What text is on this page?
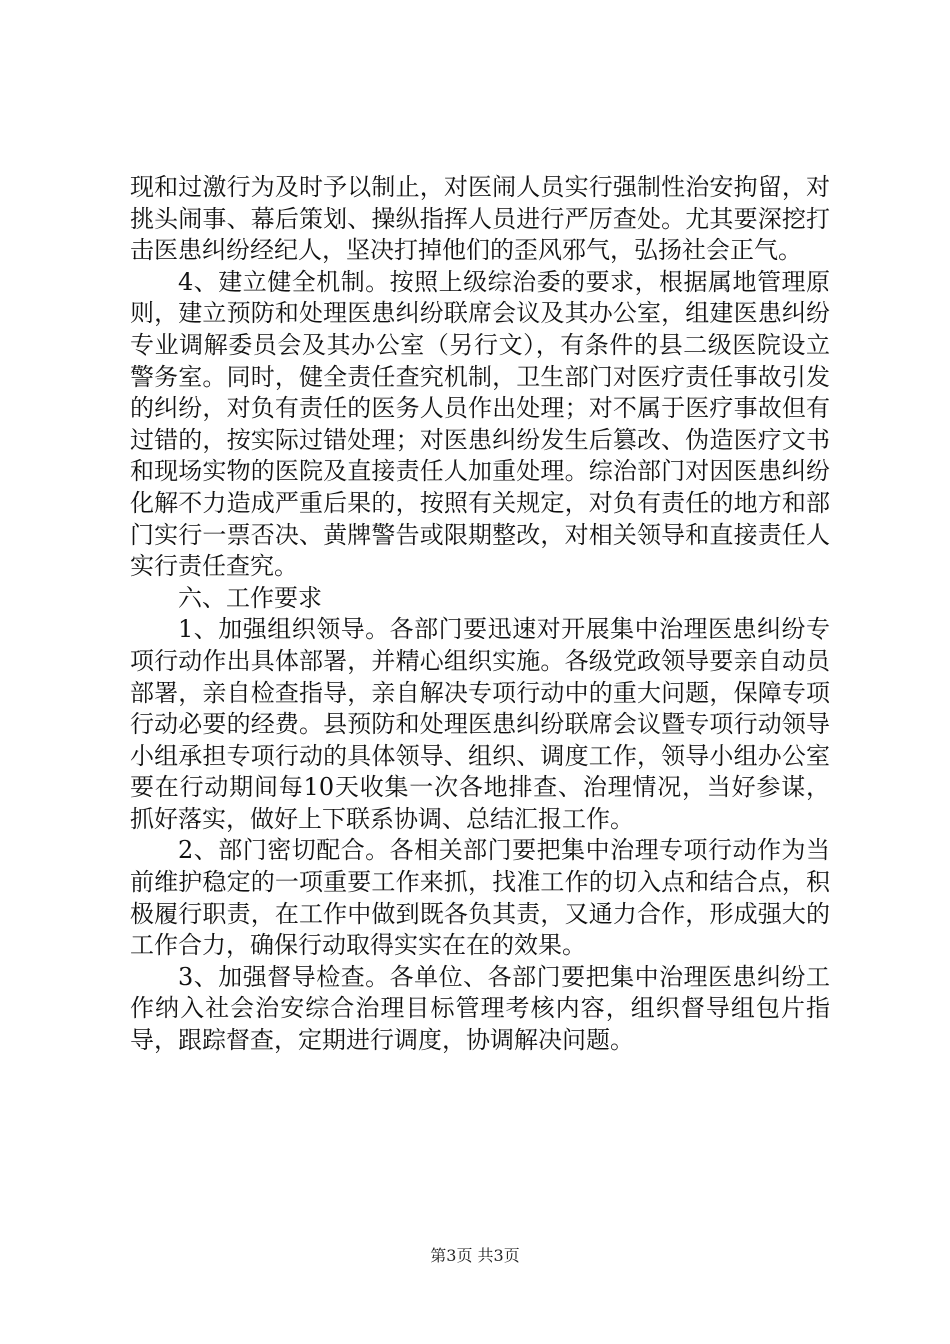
现和过激行为及时予以制止，对医闹人员实行强制性治安拘留，对挑头闹事、幕后策划、操纵指挥人员进行严厉查处。尤其要深挖打击医患纠纷经纪人，坚决打掉他们的歪风邪气，弘扬社会正气。

4、建立健全机制。按照上级综治委的要求，根据属地管理原则，建立预防和处理医患纠纷联席会议及其办公室，组建医患纠纷专业调解委员会及其办公室（另行文），有条件的县二级医院设立警务室。同时，健全责任查究机制，卫生部门对医疗责任事故引发的纠纷，对负有责任的医务人员作出处理；对不属于医疗事故但有过错的，按实际过错处理；对医患纠纷发生后篡改、伪造医疗文书和现场实物的医院及直接责任人加重处理。综治部门对因医患纠纷化解不力造成严重后果的，按照有关规定，对负有责任的地方和部门实行一票否决、黄牌警告或限期整改，对相关领导和直接责任人实行责任查究。

六、工作要求

1、加强组织领导。各部门要迅速对开展集中治理医患纠纷专项行动作出具体部署，并精心组织实施。各级党政领导要亲自动员部署，亲自检查指导，亲自解决专项行动中的重大问题，保障专项行动必要的经费。县预防和处理医患纠纷联席会议暨专项行动领导小组承担专项行动的具体领导、组织、调度工作，领导小组办公室要在行动期间每10天收集一次各地排查、治理情况，当好参谋，抓好落实，做好上下联系协调、总结汇报工作。

2、部门密切配合。各相关部门要把集中治理专项行动作为当前维护稳定的一项重要工作来抓，找准工作的切入点和结合点，积极履行职责，在工作中做到既各负其责，又通力合作，形成强大的工作合力，确保行动取得实实在在的效果。

3、加强督导检查。各单位、各部门要把集中治理医患纠纷工作纳入社会治安综合治理目标管理考核内容，组织督导组包片指导，跟踪督查，定期进行调度，协调解决问题。

第3页 共3页
